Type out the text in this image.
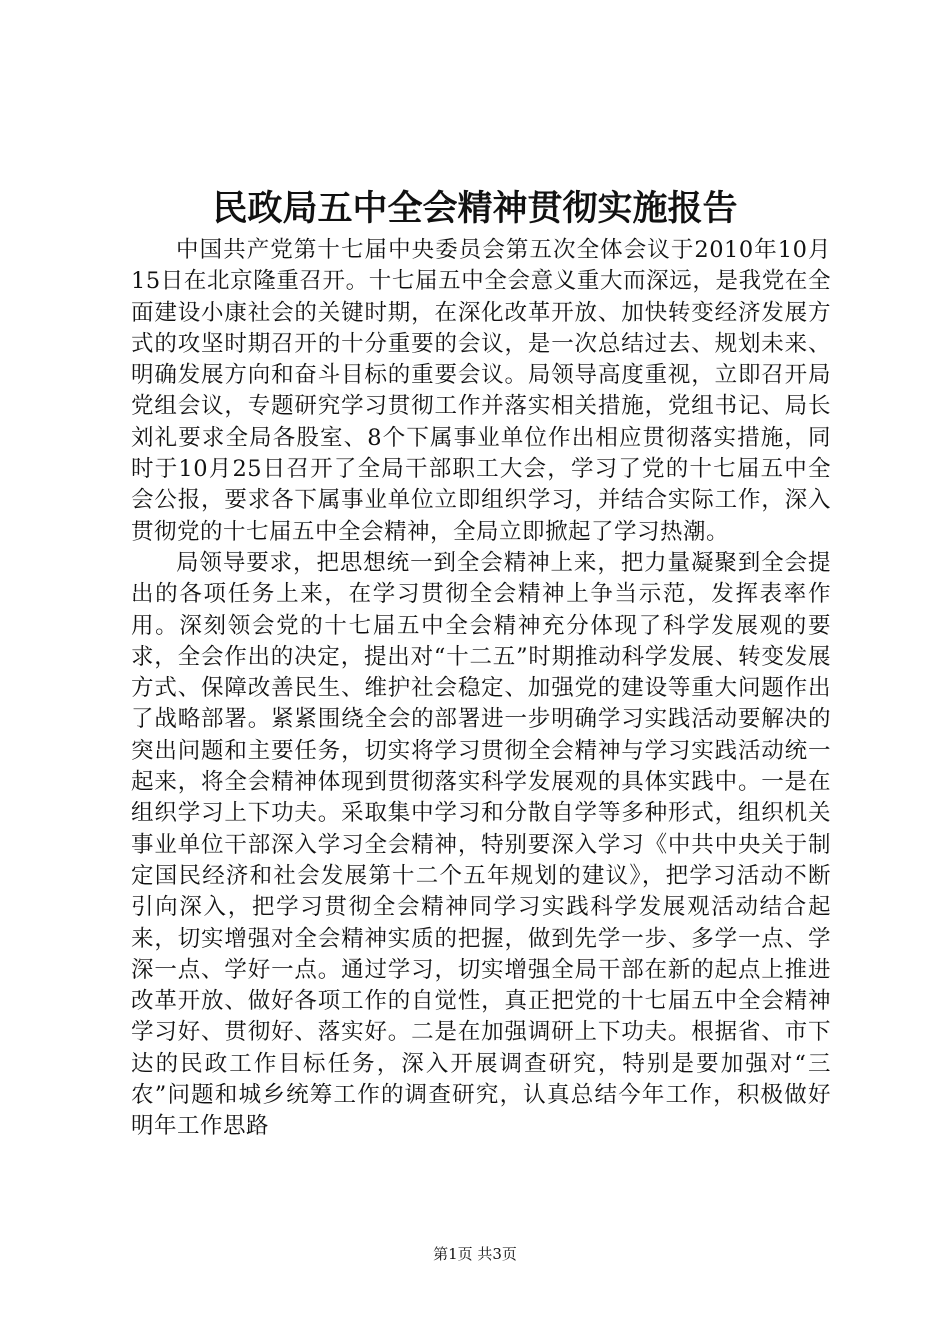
民政局五中全会精神贯彻实施报告

中国共产党第十七届中央委员会第五次全体会议于2010年10月15日在北京隆重召开。十七届五中全会意义重大而深远，是我党在全面建设小康社会的关键时期，在深化改革开放、加快转变经济发展方式的攻坚时期召开的十分重要的会议，是一次总结过去、规划未来、明确发展方向和奋斗目标的重要会议。局领导高度重视，立即召开局党组会议，专题研究学习贯彻工作并落实相关措施，党组书记、局长刘礼要求全局各股室、8个下属事业单位作出相应贯彻落实措施，同时于10月25日召开了全局干部职工大会，学习了党的十七届五中全会公报，要求各下属事业单位立即组织学习，并结合实际工作，深入贯彻党的十七届五中全会精神，全局立即掀起了学习热潮。

局领导要求，把思想统一到全会精神上来，把力量凝聚到全会提出的各项任务上来，在学习贯彻全会精神上争当示范，发挥表率作用。深刻领会党的十七届五中全会精神充分体现了科学发展观的要求，全会作出的决定，提出对“十二五”时期推动科学发展、转变发展方式、保障改善民生、维护社会稳定、加强党的建设等重大问题作出了战略部署。紧紧围绕全会的部署进一步明确学习实践活动要解决的突出问题和主要任务，切实将学习贯彻全会精神与学习实践活动统一起来，将全会精神体现到贯彻落实科学发展观的具体实践中。一是在组织学习上下功夫。采取集中学习和分散自学等多种形式，组织机关事业单位干部深入学习全会精神，特别要深入学习《中共中央关于制定国民经济和社会发展第十二个五年规划的建议》，把学习活动不断引向深入，把学习贯彻全会精神同学习实践科学发展观活动结合起来，切实增强对全会精神实质的把握，做到先学一步、多学一点、学深一点、学好一点。通过学习，切实增强全局干部在新的起点上推进改革开放、做好各项工作的自觉性，真正把党的十七届五中全会精神学习好、贯彻好、落实好。二是在加强调研上下功夫。根据省、市下达的民政工作目标任务，深入开展调查研究，特别是要加强对“三农”问题和城乡统筹工作的调查研究，认真总结今年工作，积极做好明年工作思路

第1页 共3页
